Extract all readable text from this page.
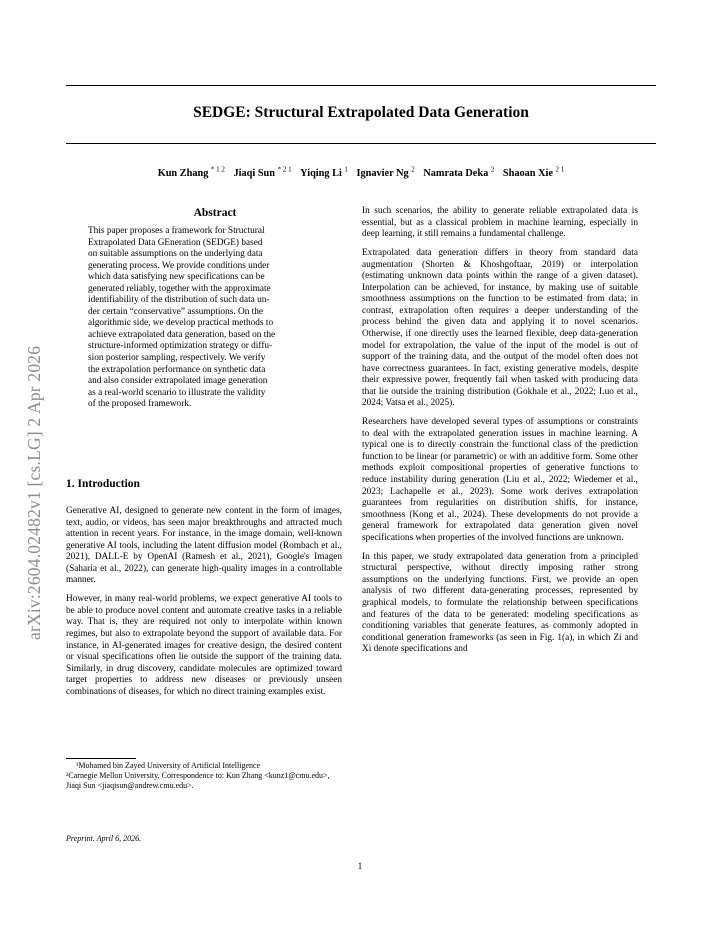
SEDGE: Structural Extrapolated Data Generation
Kun Zhang $^{* 1 2}$ Jiaqi Sun $^{* 2 1}$ Yiqing Li $^1$ Ignavier Ng $^2$ Namrata Deka $^2$ Shaoan Xie $^{2 1}$
arXiv:2604.02482v1 [cs.LG] 2 Apr 2026
Abstract
This paper proposes a framework for Structural
Extrapolated Data GEneration (SEDGE) based
on suitable assumptions on the underlying data
generating process. We provide conditions under
which data satisfying new specifications can be
generated reliably, together with the approximate
identifiability of the distribution of such data un-
der certain “conservative” assumptions. On the
algorithmic side, we develop practical methods to
achieve extrapolated data generation, based on the
structure-informed optimization strategy or diffu-
sion posterior sampling, respectively. We verify
the extrapolation performance on synthetic data
and also consider extrapolated image generation
as a real-world scenario to illustrate the validity
of the proposed framework.
1. Introduction

Generative AI, designed to generate new content in the form of images, text, audio, or videos, has seen major breakthroughs and attracted much attention in recent years. For instance, in the image domain, well-known generative AI tools, including the latent diffusion model (Rombach et al., 2021), DALL-E by OpenAI (Ramesh et al., 2021), Google's Imagen (Saharia et al., 2022), can generate high-quality images in a controllable manner.

However, in many real-world problems, we expect generative AI tools to be able to produce novel content and automate creative tasks in a reliable way. That is, they are required not only to interpolate within known regimes, but also to extrapolate beyond the support of available data. For instance, in AI-generated images for creative design, the desired content or visual specifications often lie outside the support of the training data. Similarly, in drug discovery, candidate molecules are optimized toward target properties to address new diseases or previously unseen combinations of diseases, for which no direct training examples exist.

¹Mohamed bin Zayed University of Artificial Intelligence
²Carnegie Mellon University. Correspondence to: Kun Zhang <kunz1@cmu.edu>, Jiaqi Sun <jiaqisun@andrew.cmu.edu>.
Preprint. April 6, 2026.

In such scenarios, the ability to generate reliable extrapolated data is essential, but as a classical problem in machine learning, especially in deep learning, it still remains a fundamental challenge.

Extrapolated data generation differs in theory from standard data augmentation (Shorten & Khoshgoftaar, 2019) or interpolation (estimating unknown data points within the range of a given dataset). Interpolation can be achieved, for instance, by making use of suitable smoothness assumptions on the function to be estimated from data; in contrast, extrapolation often requires a deeper understanding of the process behind the given data and applying it to novel scenarios. Otherwise, if one directly uses the learned flexible, deep data-generation model for extrapolation, the value of the input of the model is out of support of the training data, and the output of the model often does not have correctness guarantees. In fact, existing generative models, despite their expressive power, frequently fail when tasked with producing data that lie outside the training distribution (Gokhale et al., 2022; Luo et al., 2024; Vatsa et al., 2025).

Researchers have developed several types of assumptions or constraints to deal with the extrapolated generation issues in machine learning. A typical one is to directly constrain the functional class of the prediction function to be linear (or parametric) or with an additive form. Some other methods exploit compositional properties of generative functions to reduce instability during generation (Liu et al., 2022; Wiedemer et al., 2023; Lachapelle et al., 2023). Some work derives extrapolation guarantees from regularities on distribution shifts, for instance, smoothness (Kong et al., 2024). These developments do not provide a general framework for extrapolated data generation given novel specifications when properties of the involved functions are unknown.

In this paper, we study extrapolated data generation from a principled structural perspective, without directly imposing rather strong assumptions on the underlying functions. First, we provide an open analysis of two different data-generating processes, represented by graphical models, to formulate the relationship between specifications and features of the data to be generated: modeling specifications as conditioning variables that generate features, as commonly adopted in conditional generation frameworks (as seen in Fig. 1(a), in which Zi and Xi denote specifications and

1
